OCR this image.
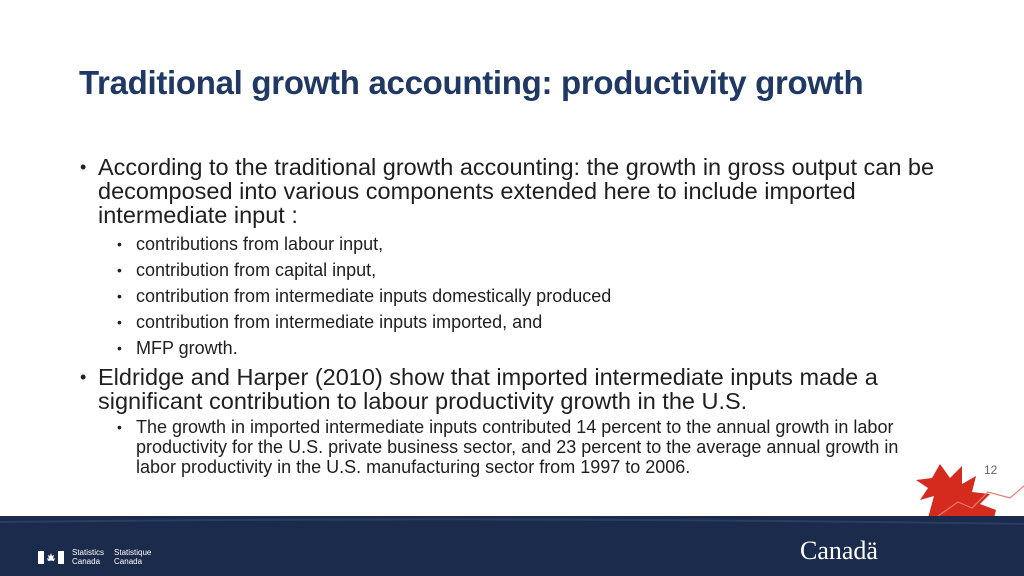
Traditional growth accounting: productivity growth

• According to the traditional growth accounting: the growth in gross output can be decomposed into various components extended here to include imported intermediate input :

• contributions from labour input,
• contribution from capital input,
• contribution from intermediate inputs domestically produced
• contribution from intermediate inputs imported, and
• MFP growth.

• Eldridge and Harper (2010) show that imported intermediate inputs made a significant contribution to labour productivity growth in the U.S.

• The growth in imported intermediate inputs contributed 14 percent to the annual growth in labor productivity for the U.S. private business sector, and 23 percent to the average annual growth in labor productivity in the U.S. manufacturing sector from 1997 to 2006.	12
Statistics
Canada
Statistique
Canada	Canadä
